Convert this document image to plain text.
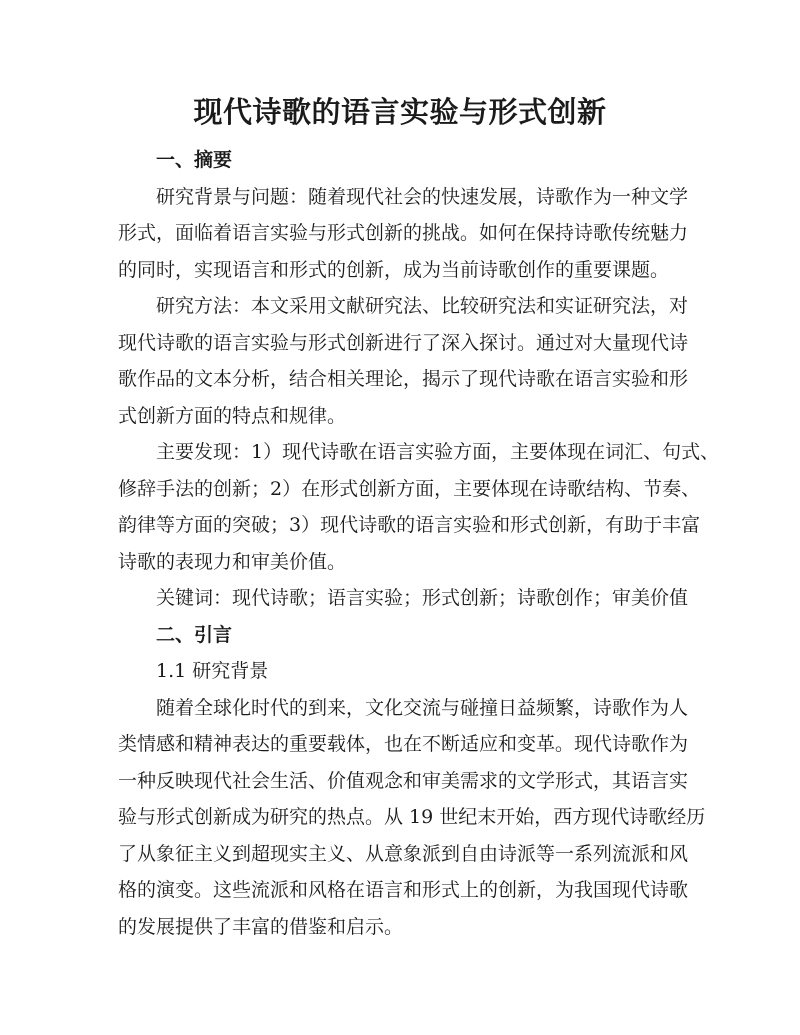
现代诗歌的语言实验与形式创新
一、摘要

研究背景与问题：随着现代社会的快速发展，诗歌作为一种文学
形式，面临着语言实验与形式创新的挑战。如何在保持诗歌传统魅力
的同时，实现语言和形式的创新，成为当前诗歌创作的重要课题。

研究方法：本文采用文献研究法、比较研究法和实证研究法，对
现代诗歌的语言实验与形式创新进行了深入探讨。通过对大量现代诗
歌作品的文本分析，结合相关理论，揭示了现代诗歌在语言实验和形
式创新方面的特点和规律。

主要发现：1）现代诗歌在语言实验方面，主要体现在词汇、句式、
修辞手法的创新；2）在形式创新方面，主要体现在诗歌结构、节奏、
韵律等方面的突破；3）现代诗歌的语言实验和形式创新，有助于丰富
诗歌的表现力和审美价值。

关键词：现代诗歌；语言实验；形式创新；诗歌创作；审美价值

二、引言

1.1 研究背景

随着全球化时代的到来，文化交流与碰撞日益频繁，诗歌作为人
类情感和精神表达的重要载体，也在不断适应和变革。现代诗歌作为
一种反映现代社会生活、价值观念和审美需求的文学形式，其语言实
验与形式创新成为研究的热点。从 19 世纪末开始，西方现代诗歌经历
了从象征主义到超现实主义、从意象派到自由诗派等一系列流派和风
格的演变。这些流派和风格在语言和形式上的创新，为我国现代诗歌
的发展提供了丰富的借鉴和启示。
